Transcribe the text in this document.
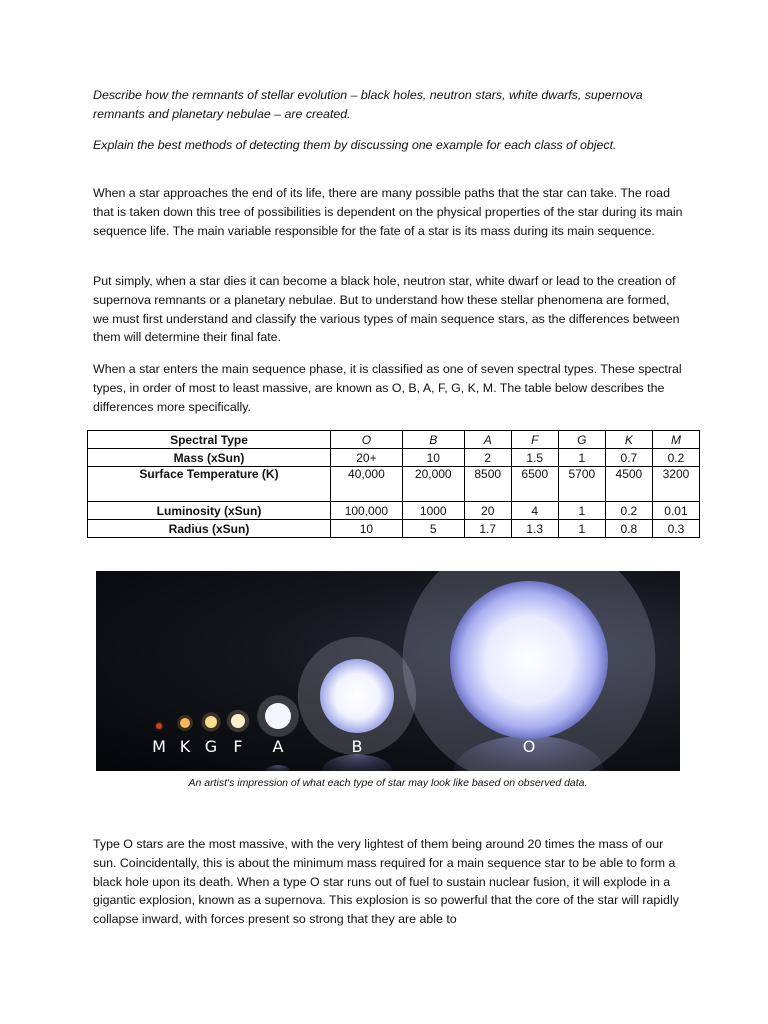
Describe how the remnants of stellar evolution – black holes, neutron stars, white dwarfs, supernova remnants and planetary nebulae – are created.

Explain the best methods of detecting them by discussing one example for each class of object.

When a star approaches the end of its life, there are many possible paths that the star can take. The road that is taken down this tree of possibilities is dependent on the physical properties of the star during its main sequence life. The main variable responsible for the fate of a star is its mass during its main sequence.

Put simply, when a star dies it can become a black hole, neutron star, white dwarf or lead to the creation of supernova remnants or a planetary nebulae. But to understand how these stellar phenomena are formed, we must first understand and classify the various types of main sequence stars, as the differences between them will determine their final fate.

When a star enters the main sequence phase, it is classified as one of seven spectral types. These spectral types, in order of most to least massive, are known as O, B, A, F, G, K, M. The table below describes the differences more specifically.

Type O stars are the most massive, with the very lightest of them being around 20 times the mass of our sun. Coincidentally, this is about the minimum mass required for a main sequence star to be able to form a black hole upon its death. When a type O star runs out of fuel to sustain nuclear fusion, it will explode in a gigantic explosion, known as a supernova. This explosion is so powerful that the core of the star will rapidly collapse inward, with forces present so strong that they are able to

Spectral Type	O	B	A	F	G	K	M
Mass (xSun)	20+	10	2	1.5	1	0.7	0.2
Surface Temperature (K)	40,000	20,000	8500	6500	5700	4500	3200
Luminosity (xSun)	100,000	1000	20	4	1	0.2	0.01
Radius (xSun)	10	5	1.7	1.3	1	0.8	0.3
M K G F A	B	O
An artist's impression of what each type of star may look like based on observed data.
